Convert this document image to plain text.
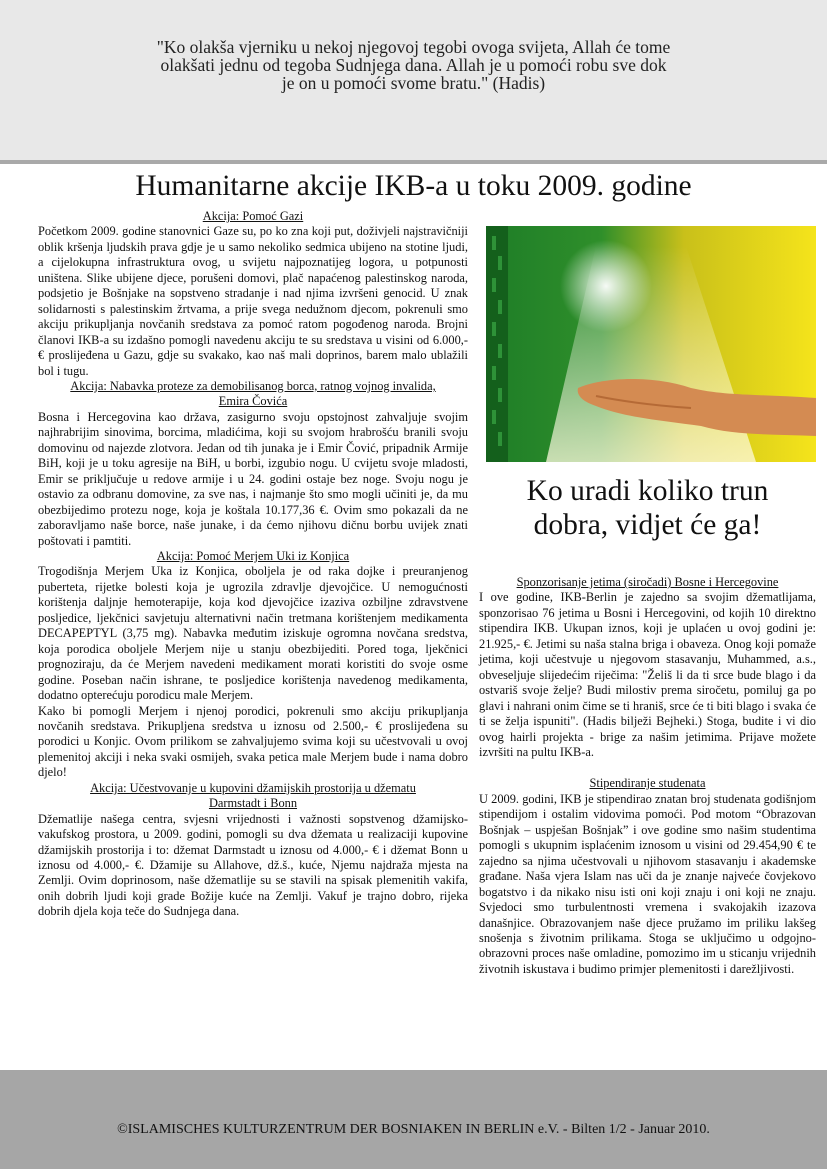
"Ko olakša vjerniku u nekoj njegovoj tegobi ovoga svijeta, Allah će tome
olakšati jednu od tegoba Sudnjega dana. Allah je u pomoći robu sve dok
je on u pomoći svome bratu." (Hadis)
Humanitarne akcije IKB-a u toku 2009. godine

Akcija: Pomoć Gazi

Početkom 2009. godine stanovnici Gaze su, po ko zna koji put, doživjeli najstravičniji oblik kršenja ljudskih prava gdje je u samo nekoliko sedmica ubijeno na stotine ljudi, a cijelokupna infrastruktura ovog, u svijetu najpoznatijeg logora, u potpunosti uništena. Slike ubijene djece, porušeni domovi, plač napaćenog palestinskog naroda, podsjetio je Bošnjake na sopstveno stradanje i nad njima izvršeni genocid. U znak solidarnosti s palestinskim žrtvama, a prije svega nedužnom djecom, pokrenuli smo akciju prikupljanja novčanih sredstava za pomoć ratom pogođenog naroda. Brojni članovi IKB-a su izdašno pomogli navedenu akciju te su sredstava u visini od 6.000,- € proslijeđena u Gazu, gdje su svakako, kao naš mali doprinos, barem malo ublažili bol i tugu.

Akcija: Nabavka proteze za demobilisanog borca, ratnog vojnog invalida,

Emira Čovića

Bosna i Hercegovina kao država, zasigurno svoju opstojnost zahvaljuje svojim najhrabrijim sinovima, borcima, mladićima, koji su svojom hrabrošću branili svoju domovinu od najezde zlotvora. Jedan od tih junaka je i Emir Čović, pripadnik Armije BiH, koji je u toku agresije na BiH, u borbi, izgubio nogu. U cvijetu svoje mladosti, Emir se priključuje u redove armije i u 24. godini ostaje bez noge. Svoju nogu je ostavio za odbranu domovine, za sve nas, i najmanje što smo mogli učiniti je, da mu obezbijedimo protezu noge, koja je koštala 10.177,36 €. Ovim smo pokazali da ne zaboravljamo naše borce, naše junake, i da ćemo njihovu dičnu borbu uvijek znati poštovati i pamtiti.

Akcija: Pomoć Merjem Uki iz Konjica

Trogodišnja Merjem Uka iz Konjica, oboljela je od raka dojke i preuranjenog puberteta, rijetke bolesti koja je ugrozila zdravlje djevojčice. U nemogućnosti korištenja daljnje hemoterapije, koja kod djevojčice izaziva ozbiljne zdravstvene posljedice, ljekčnici savjetuju alternativni način tretmana korištenjem medikamenta DECAPEPTYL (3,75 mg). Nabavka međutim iziskuje ogromna novčana sredstva, koja porodica oboljele Merjem nije u stanju obezbijediti. Pored toga, ljekčnici prognoziraju, da će Merjem navedeni medikament morati koristiti do svoje osme godine. Poseban način ishrane, te posljedice korištenja navedenog medikamenta, dodatno opterećuju porodicu male Merjem.

Kako bi pomogli Merjem i njenoj porodici, pokrenuli smo akciju prikupljanja novčanih sredstava. Prikupljena sredstva u iznosu od 2.500,- € proslijeđena su porodici u Konjic. Ovom prilikom se zahvaljujemo svima koji su učestvovali u ovoj plemenitoj akciji i neka svaki osmijeh, svaka petica male Merjem bude i nama dobro djelo!

Akcija: Učestvovanje u kupovini džamijskih prostorija u džematu

Darmstadt i Bonn

Džematlije našega centra, svjesni vrijednosti i važnosti sopstvenog džamijsko-vakufskog prostora, u 2009. godini, pomogli su dva džemata u realizaciji kupovine džamijskih prostorija i to: džemat Darmstadt u iznosu od 4.000,- € i džemat Bonn u iznosu od 4.000,- €. Džamije su Allahove, dž.š., kuće, Njemu najdraža mjesta na Zemlji. Ovim doprinosom, naše džematlije su se stavili na spisak plemenitih vakifa, onih dobrih ljudi koji grade Božije kuće na Zemlji. Vakuf je trajno dobro, rijeka dobrih djela koja teče do Sudnjega dana.

Ko uradi koliko trun
dobra, vidjet će ga!

Sponzorisanje jetima (siročadi) Bosne i Hercegovine

I ove godine, IKB-Berlin je zajedno sa svojim džematlijama, sponzorisao 76 jetima u Bosni i Hercegovini, od kojih 10 direktno stipendira IKB. Ukupan iznos, koji je uplaćen u ovoj godini je: 21.925,- €. Jetimi su naša stalna briga i obaveza. Onog koji pomaže jetima, koji učestvuje u njegovom stasavanju, Muhammed, a.s., obveseljuje slijedećim riječima: "Želiš li da ti srce bude blago i da ostvariš svoje želje? Budi milostiv prema siročetu, pomiluj ga po glavi i nahrani onim čime se ti hraniš, srce će ti biti blago i svaka će ti se želja ispuniti". (Hadis bilježi Bejheki.) Stoga, budite i vi dio ovog hairli projekta - brige za našim jetimima. Prijave možete izvršiti na pultu IKB-a.

Stipendiranje studenata

U 2009. godini, IKB je stipendirao znatan broj studenata godišnjom stipendijom i ostalim vidovima pomoći. Pod motom “Obrazovan Bošnjak – uspješan Bošnjak” i ove godine smo našim studentima pomogli s ukupnim isplaćenim iznosom u visini od 29.454,90 € te zajedno sa njima učestvovali u njihovom stasavanju i akademske građane. Naša vjera Islam nas uči da je znanje najveće čovjekovo bogatstvo i da nikako nisu isti oni koji znaju i oni koji ne znaju. Svjedoci smo turbulentnosti vremena i svakojakih izazova današnjice. Obrazovanjem naše djece pružamo im priliku lakšeg snošenja s životnim prilikama. Stoga se uključimo u odgojno-obrazovni proces naše omladine, pomozimo im u sticanju vrijednih životnih iskustava i budimo primjer plemenitosti i darežljivosti.

©ISLAMISCHES KULTURZENTRUM DER BOSNIAKEN IN BERLIN e.V. - Bilten 1/2 - Januar 2010.
